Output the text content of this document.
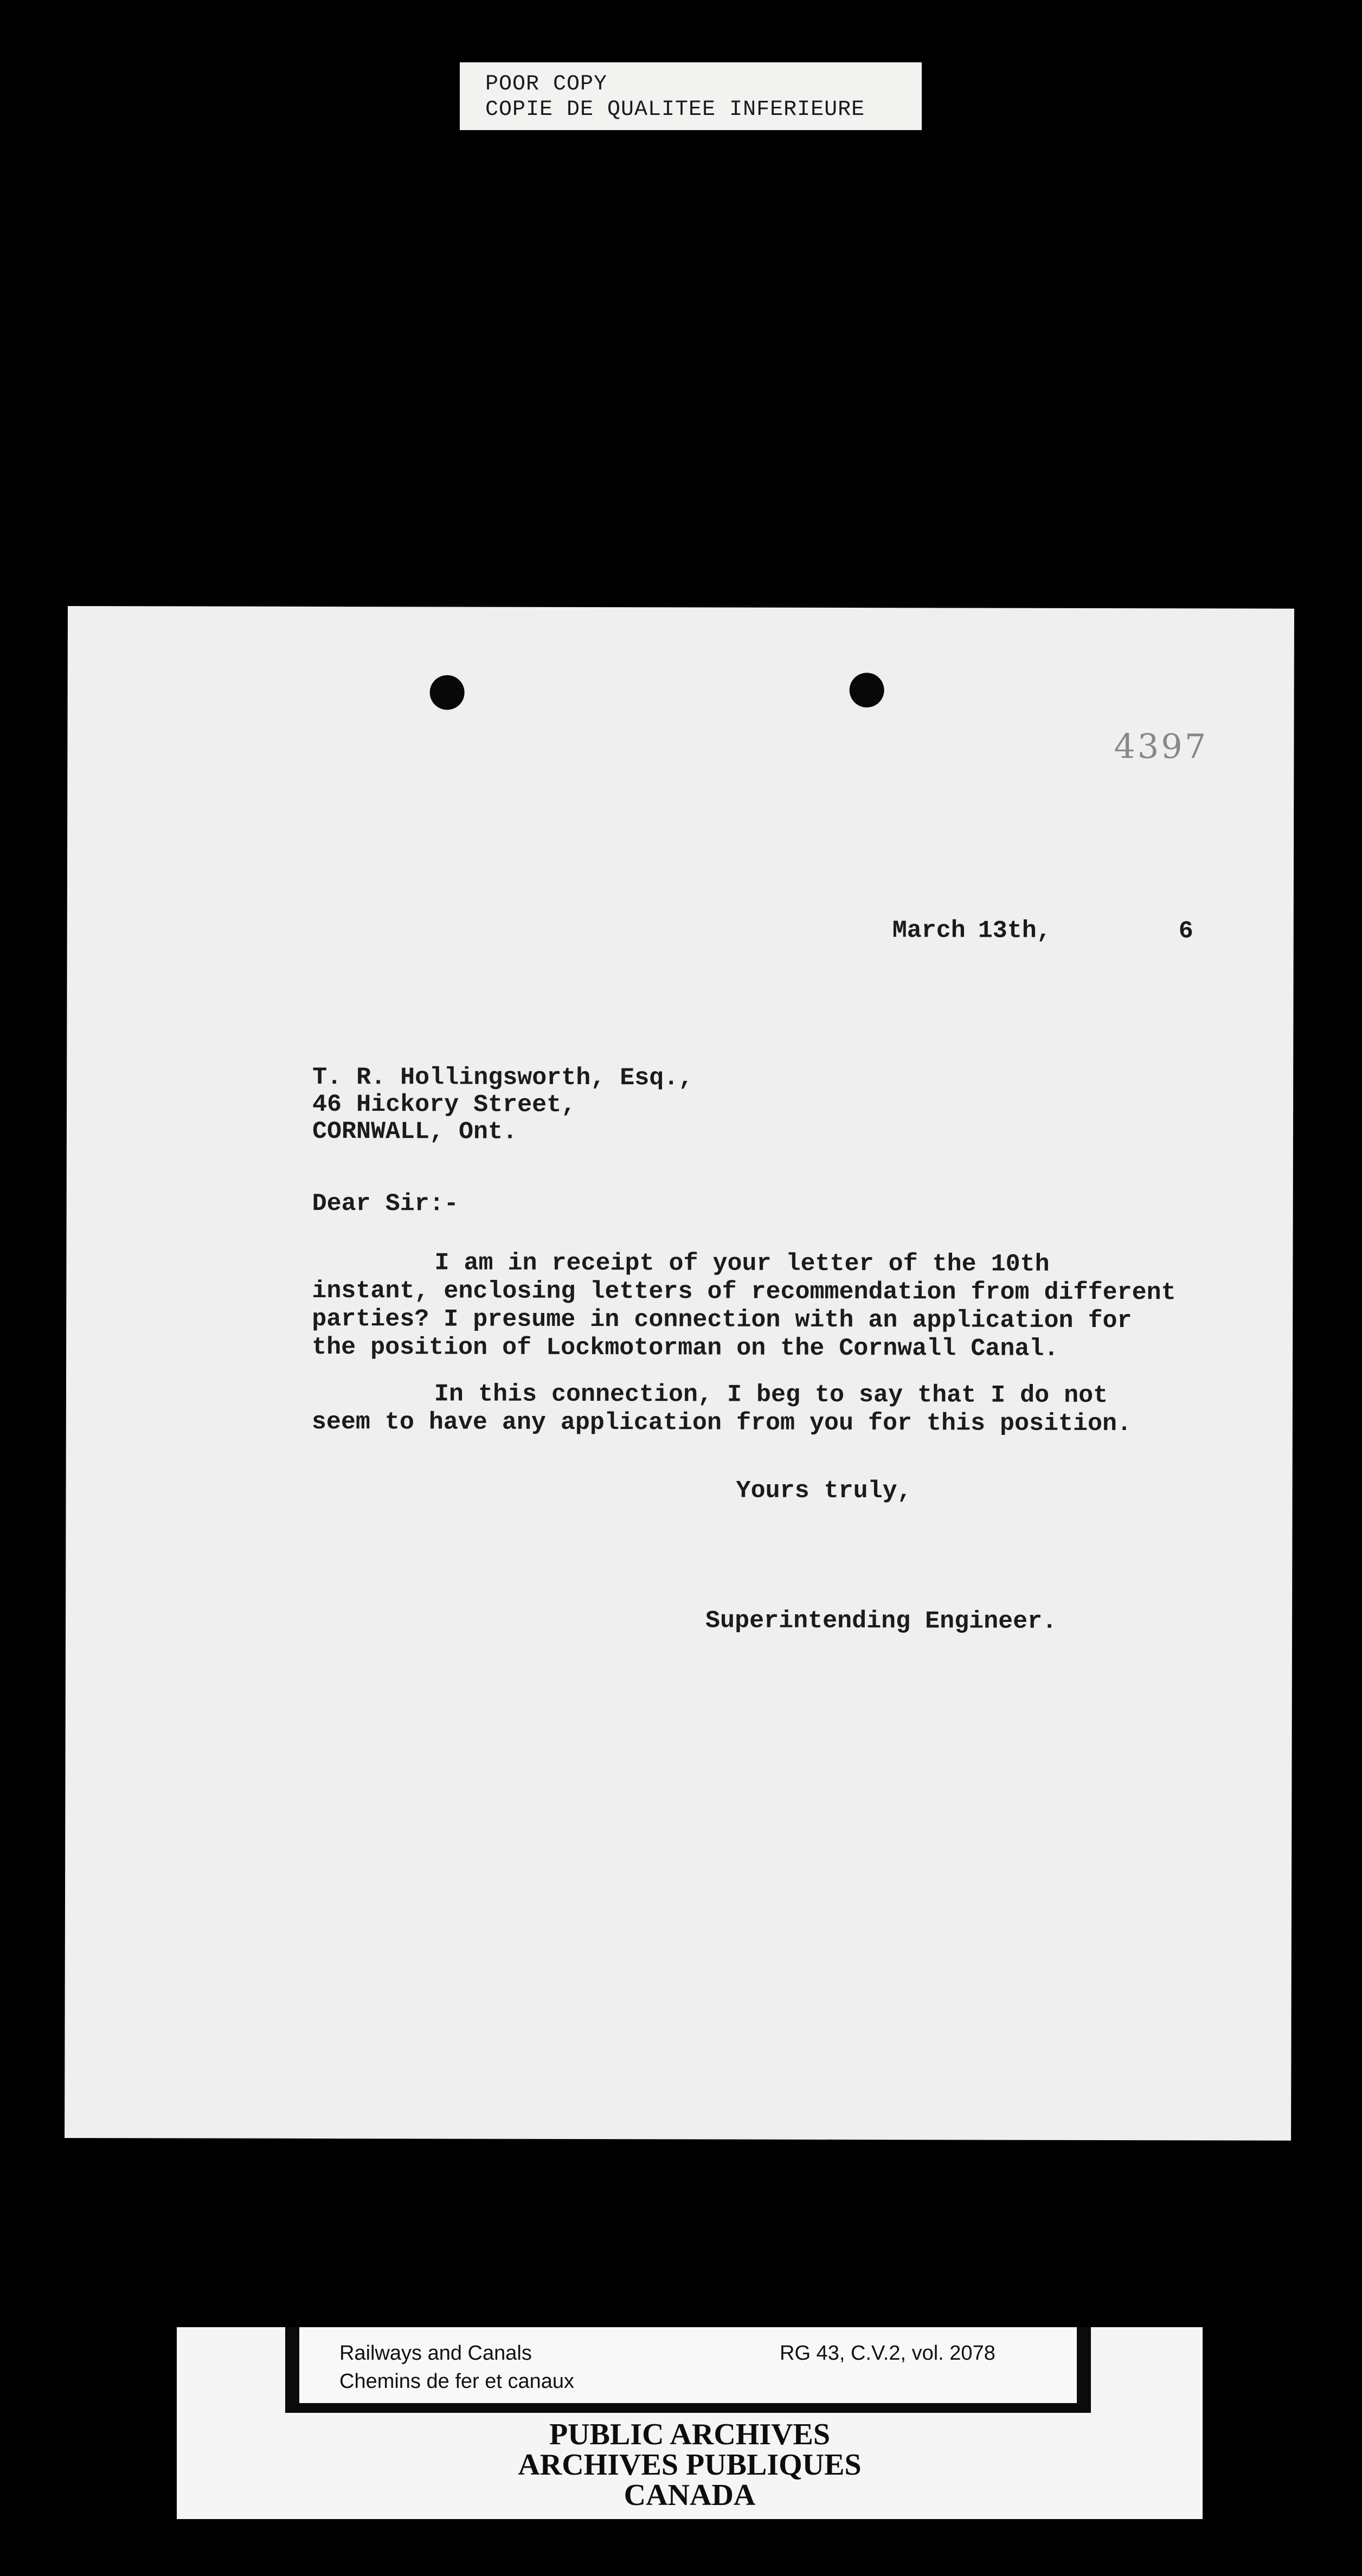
POOR COPY
COPIE DE QUALITEE INFERIEURE
4397
March 13th,	6
T. R. Hollingsworth, Esq.,
46 Hickory Street,
CORNWALL, Ont.
Dear Sir:-
I am in receipt of your letter of the 10th
instant, enclosing letters of recommendation from different
parties? I presume in connection with an application for
the position of Lockmotorman on the Cornwall Canal.
In this connection, I beg to say that I do not
seem to have any application from you for this position.
Yours truly,
Superintending Engineer.
Railways and Canals
Chemins de fer et canaux
RG 43, C.V.2, vol. 2078
PUBLIC ARCHIVES
ARCHIVES PUBLIQUES
CANADA
